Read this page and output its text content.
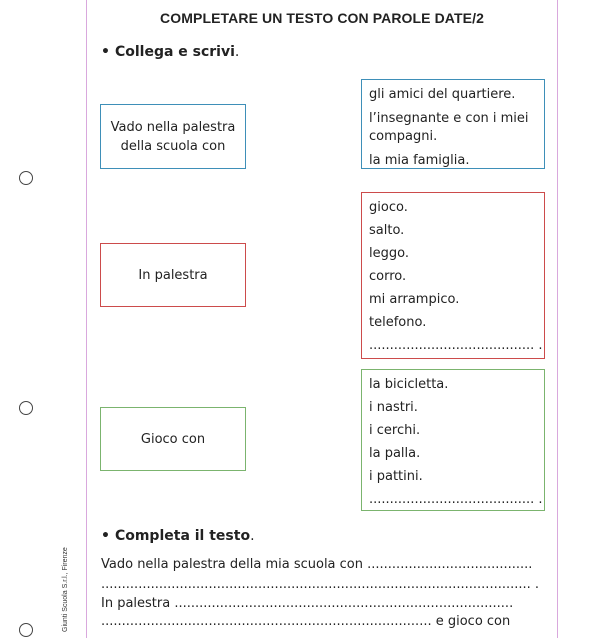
COMPLETARE UN TESTO CON PAROLE DATE/2
• Collega e scrivi.
Vado nella palestra della scuola con
gli amici del quartiere.
l’insegnante e con i miei compagni.
la mia famiglia.
In palestra
gioco.
salto.
leggo.
corro.
mi arrampico.
telefono.
........................................ .
Gioco con
la bicicletta.
i nastri.
i cerchi.
la palla.
i pattini.
........................................ .
• Completa il testo.
Vado nella palestra della mia scuola con ........................................
........................................................................................................ .
In palestra ..................................................................................
................................................................................ e gioco con
Giunti Scuola S.r.l., Firenze
